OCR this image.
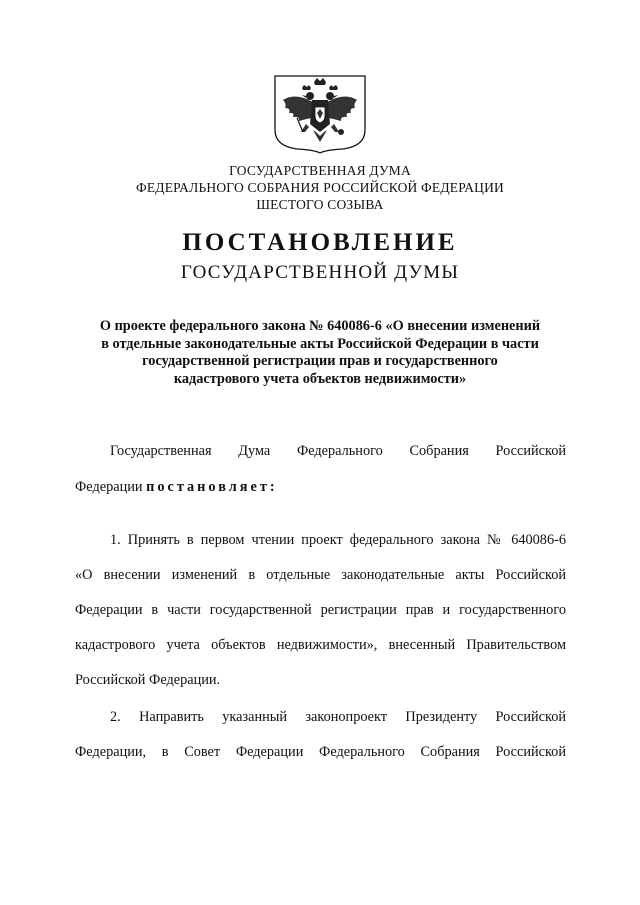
ГОСУДАРСТВЕННАЯ ДУМА
ФЕДЕРАЛЬНОГО СОБРАНИЯ РОССИЙСКОЙ ФЕДЕРАЦИИ
ШЕСТОГО СОЗЫВА
ПОСТАНОВЛЕНИЕ
ГОСУДАРСТВЕННОЙ ДУМЫ
О проекте федерального закона № 640086-6 «О внесении изменений
в отдельные законодательные акты Российской Федерации в части
государственной регистрации прав и государственного
кадастрового учета объектов недвижимости»
Государственная Дума Федерального Собрания Российской
Федерации постановляет:
1. Принять в первом чтении проект федерального закона № 640086-6
«О внесении изменений в отдельные законодательные акты Российской
Федерации в части государственной регистрации прав и государственного
кадастрового учета объектов недвижимости», внесенный Правительством
Российской Федерации.
2. Направить указанный законопроект Президенту Российской
Федерации, в Совет Федерации Федерального Собрания Российской
